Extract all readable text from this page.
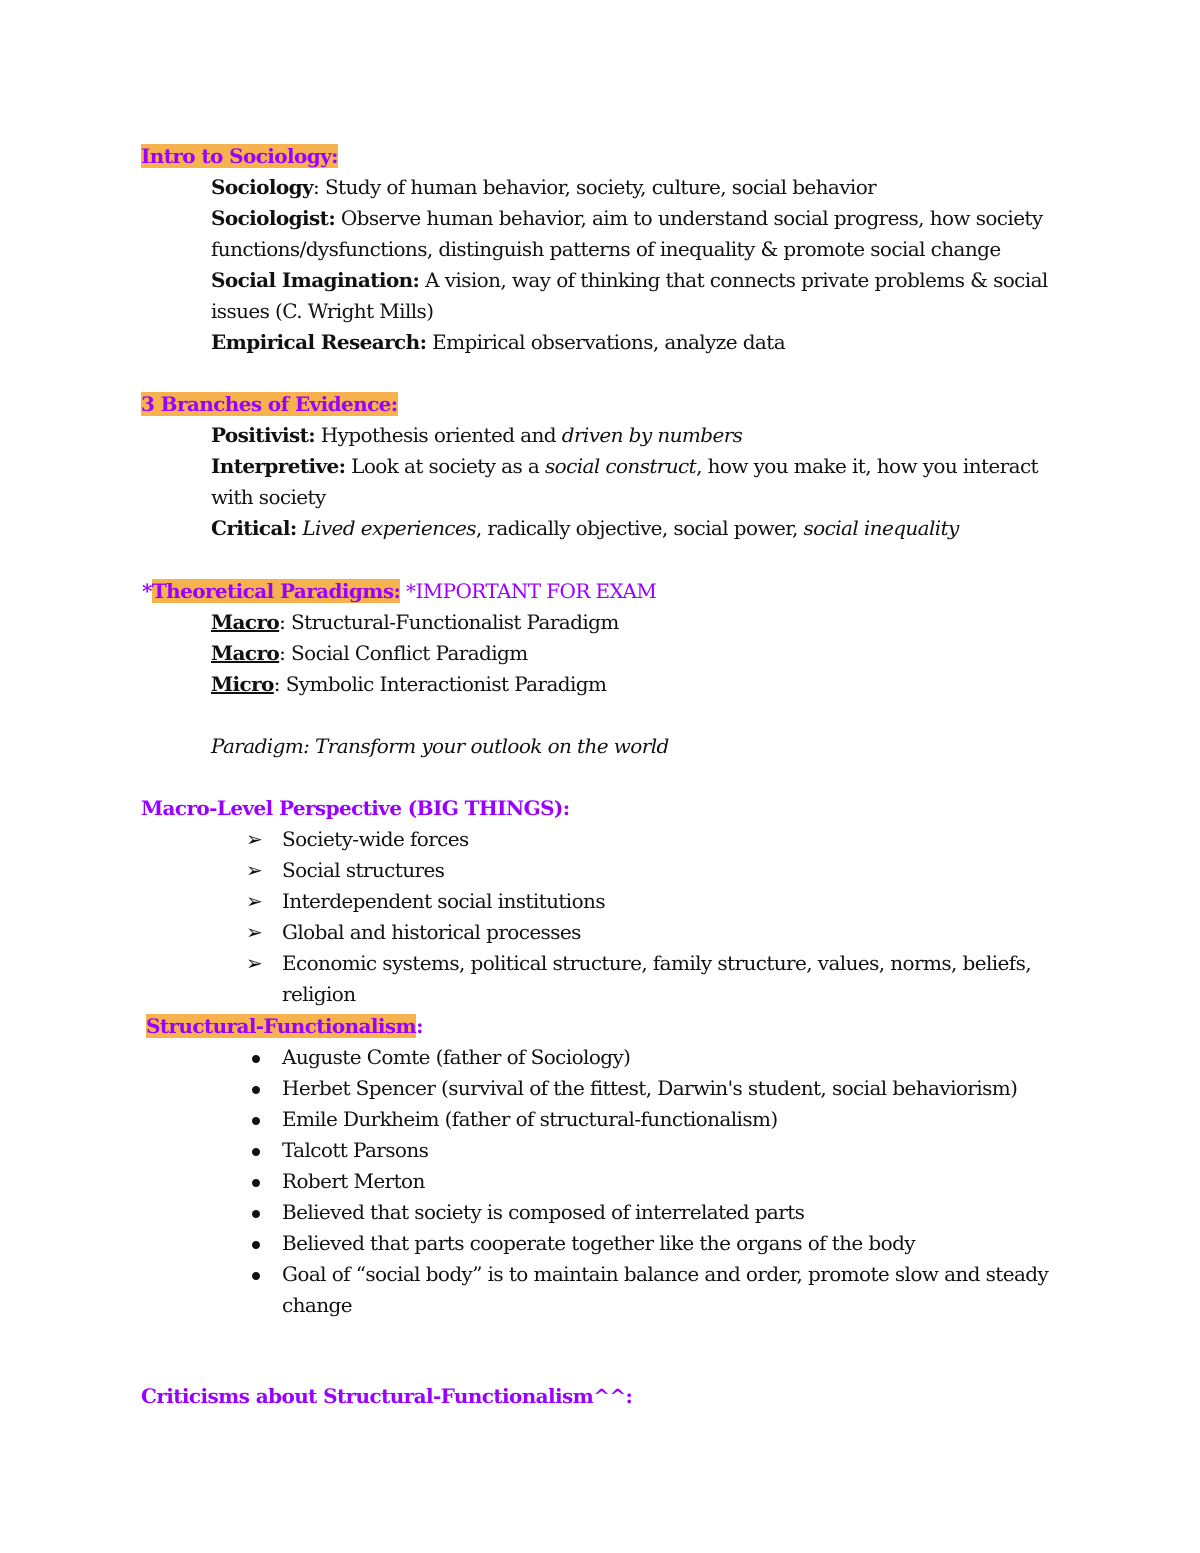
Intro to Sociology:
Sociology: Study of human behavior, society, culture, social behavior
Sociologist: Observe human behavior, aim to understand social progress, how society
functions/dysfunctions, distinguish patterns of inequality & promote social change
Social Imagination: A vision, way of thinking that connects private problems & social
issues (C. Wright Mills)
Empirical Research: Empirical observations, analyze data
3 Branches of Evidence:
Positivist: Hypothesis oriented and driven by numbers
Interpretive: Look at society as a social construct, how you make it, how you interact
with society
Critical: Lived experiences, radically objective, social power, social inequality
*Theoretical Paradigms: *IMPORTANT FOR EXAM
Macro: Structural-Functionalist Paradigm
Macro: Social Conflict Paradigm
Micro: Symbolic Interactionist Paradigm
Paradigm: Transform your outlook on the world
Macro-Level Perspective (BIG THINGS):
➢ Society-wide forces
➢ Social structures
➢ Interdependent social institutions
➢ Global and historical processes
➢ Economic systems, political structure, family structure, values, norms, beliefs,
religion
Structural-Functionalism:
Auguste Comte (father of Sociology)
Herbet Spencer (survival of the fittest, Darwin's student, social behaviorism)
Emile Durkheim (father of structural-functionalism)
Talcott Parsons
Robert Merton
Believed that society is composed of interrelated parts
Believed that parts cooperate together like the organs of the body
Goal of “social body” is to maintain balance and order, promote slow and steady
change
Criticisms about Structural-Functionalism^^:
